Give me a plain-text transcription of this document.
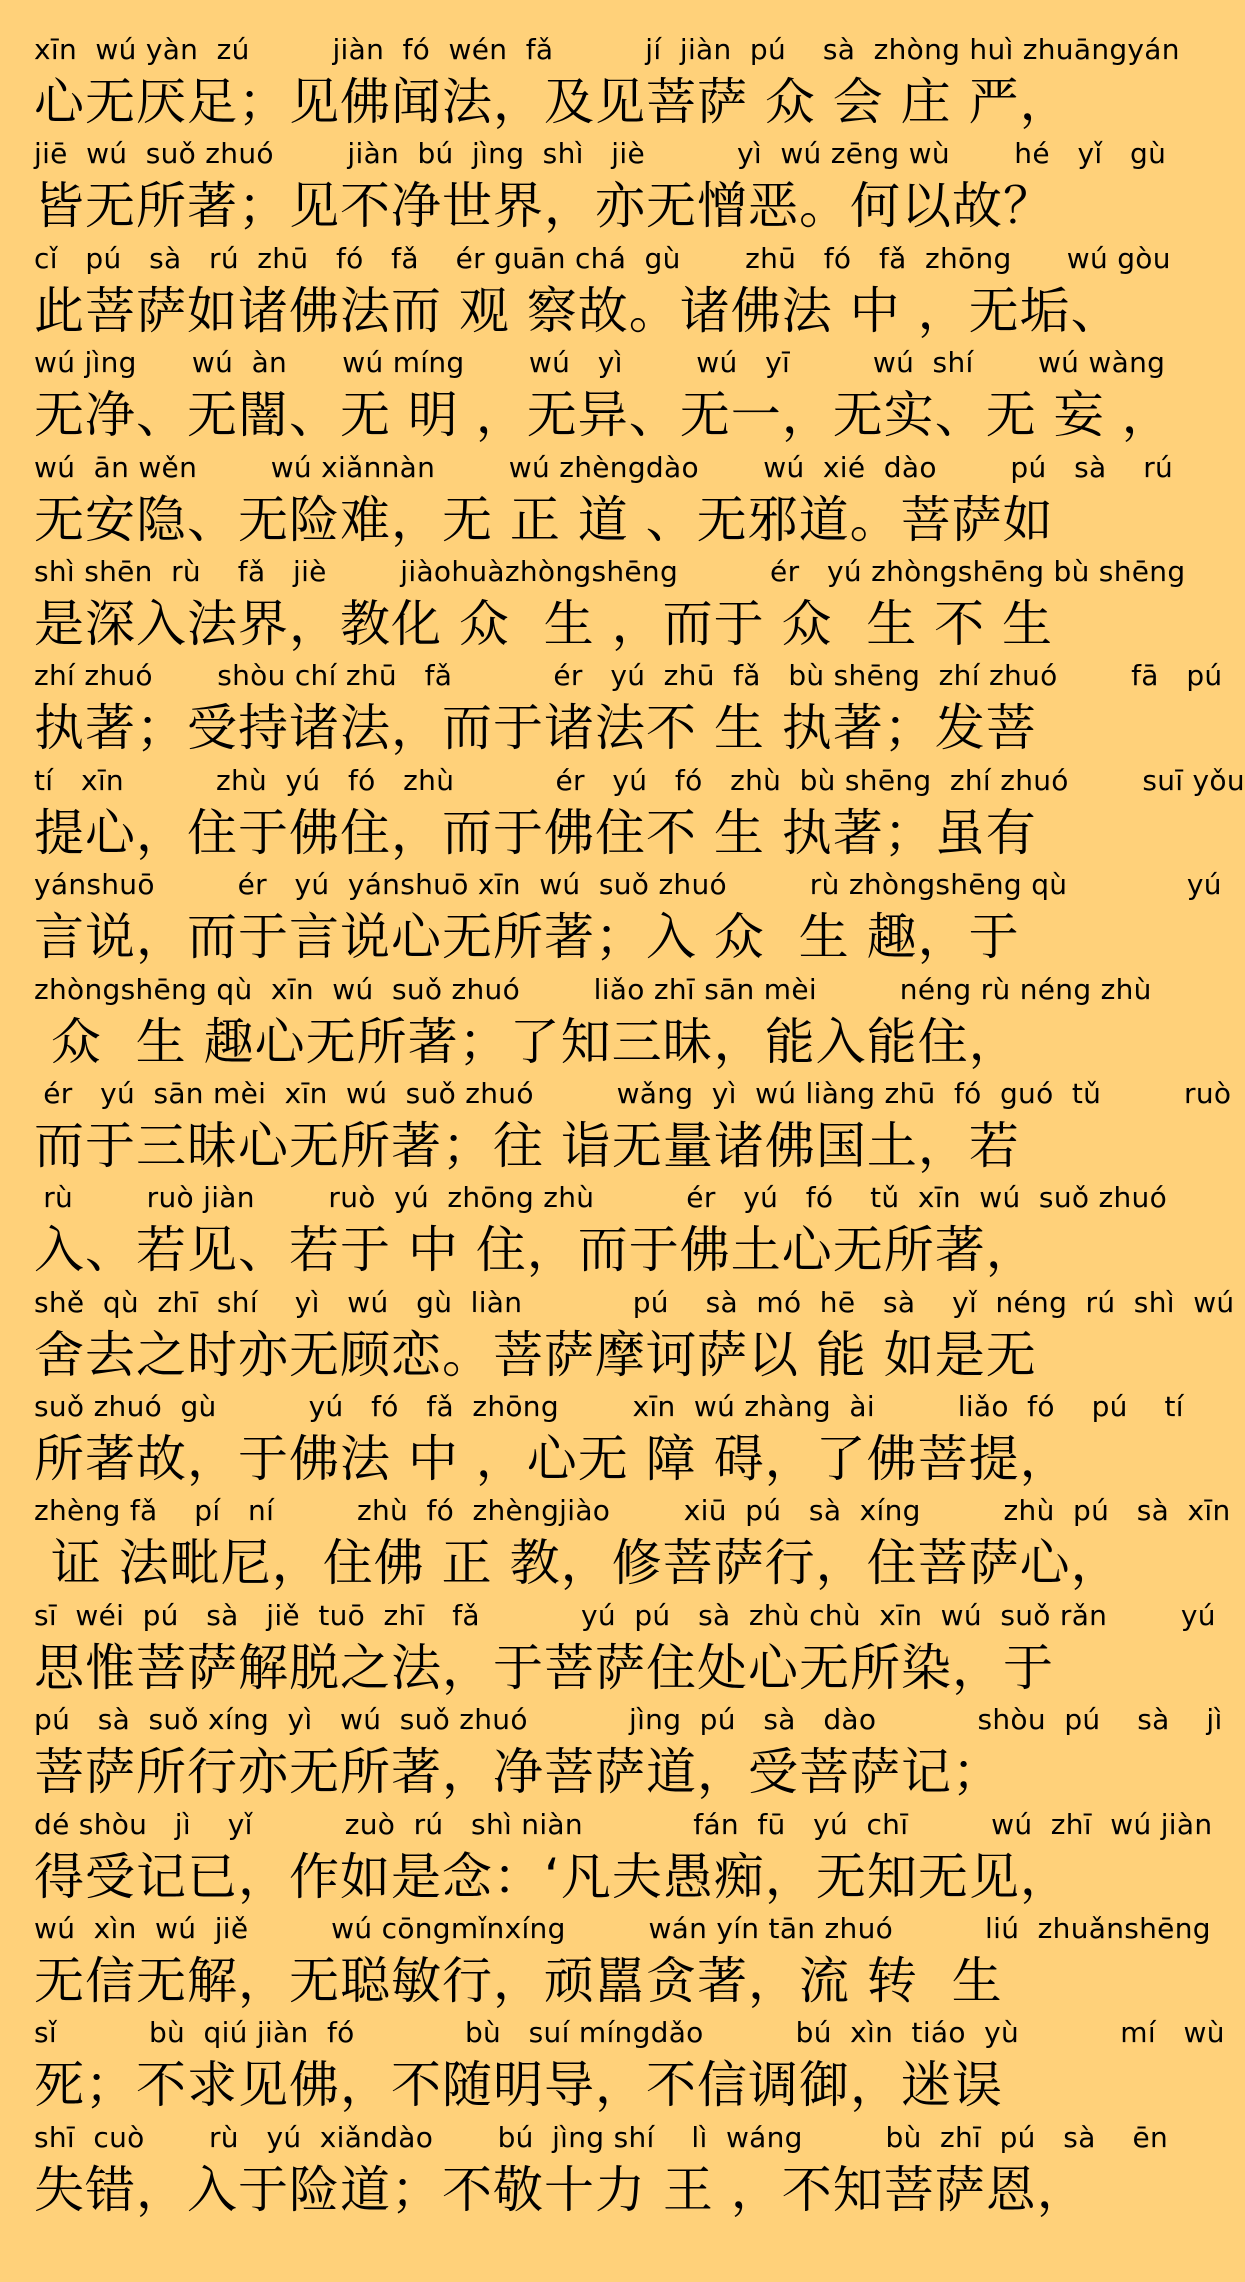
xīn  wú yàn  zú         jiàn  fó  wén  fǎ          jí  jiàn  pú    sà  zhòng huì zhuāngyán
心无厌足；见佛闻法，及见菩萨 众 会 庄 严，
jiē  wú  suǒ zhuó        jiàn  bú  jìng  shì   jiè          yì  wú zēng wù       hé   yǐ   gù
皆无所著；见不净世界，亦无憎恶。何以故？
cǐ   pú   sà   rú  zhū   fó   fǎ    ér guān chá  gù       zhū   fó   fǎ  zhōng      wú gòu
此菩萨如诸佛法而 观 察故。诸佛法 中 ，无垢、
wú jìng      wú  àn      wú míng       wú   yì        wú   yī         wú  shí       wú wàng
无净、无闇、无 明 ，无异、无一，无实、无 妄 ，
wú  ān wěn        wú xiǎnnàn        wú zhèngdào       wú  xié  dào        pú   sà    rú
无安隐、无险难，无 正 道 、无邪道。菩萨如
shì shēn  rù    fǎ   jiè        jiàohuàzhòngshēng          ér   yú zhòngshēng bù shēng
是深入法界，教化 众  生 ，而于 众  生 不 生
zhí zhuó       shòu chí zhū   fǎ           ér   yú  zhū  fǎ   bù shēng  zhí zhuó        fā   pú
执著；受持诸法，而于诸法不 生 执著；发菩
tí   xīn          zhù  yú   fó   zhù           ér   yú   fó   zhù  bù shēng  zhí zhuó        suī yǒu
提心，住于佛住，而于佛住不 生 执著；虽有
yánshuō         ér   yú  yánshuō xīn  wú  suǒ zhuó         rù zhòngshēng qù             yú
言说，而于言说心无所著；入 众  生 趣，于
zhòngshēng qù  xīn  wú  suǒ zhuó        liǎo zhī sān mèi         néng rù néng zhù
众  生 趣心无所著；了知三昧，能入能住，
ér   yú  sān mèi  xīn  wú  suǒ zhuó         wǎng  yì  wú liàng zhū  fó  guó  tǔ         ruò
而于三昧心无所著；往 诣无量诸佛国土，若
rù        ruò jiàn        ruò  yú  zhōng zhù          ér   yú   fó    tǔ  xīn  wú  suǒ zhuó
入、若见、若于 中 住，而于佛土心无所著，
shě  qù  zhī  shí    yì   wú   gù  liàn            pú    sà  mó  hē   sà    yǐ  néng  rú  shì  wú
舍去之时亦无顾恋。菩萨摩诃萨以 能 如是无
suǒ zhuó  gù          yú   fó   fǎ  zhōng        xīn  wú zhàng  ài         liǎo  fó    pú    tí
所著故，于佛法 中 ，心无 障 碍，了佛菩提，
zhèng fǎ    pí   ní         zhù  fó  zhèngjiào        xiū  pú   sà  xíng         zhù  pú   sà  xīn
证 法毗尼，住佛 正 教，修菩萨行，住菩萨心，
sī  wéi  pú   sà   jiě  tuō  zhī   fǎ           yú  pú   sà  zhù chù  xīn  wú  suǒ rǎn        yú
思惟菩萨解脱之法，于菩萨住处心无所染，于
pú   sà  suǒ xíng  yì   wú  suǒ zhuó           jìng  pú   sà   dào           shòu  pú    sà    jì
菩萨所行亦无所著，净菩萨道，受菩萨记；
dé shòu   jì    yǐ          zuò  rú   shì niàn            fán  fū   yú  chī         wú  zhī  wú jiàn
得受记已，作如是念：‘凡夫愚痴，无知无见，
wú  xìn  wú  jiě         wú cōngmǐnxíng         wán yín tān zhuó          liú  zhuǎnshēng
无信无解，无聪敏行，顽嚚贪著，流 转  生
sǐ          bù  qiú jiàn  fó            bù   suí míngdǎo          bú  xìn  tiáo  yù           mí   wù
死；不求见佛，不随明导，不信调御，迷误
shī  cuò       rù   yú  xiǎndào       bú  jìng shí    lì  wáng         bù  zhī  pú   sà    ēn
失错，入于险道；不敬十力 王 ，不知菩萨恩，
